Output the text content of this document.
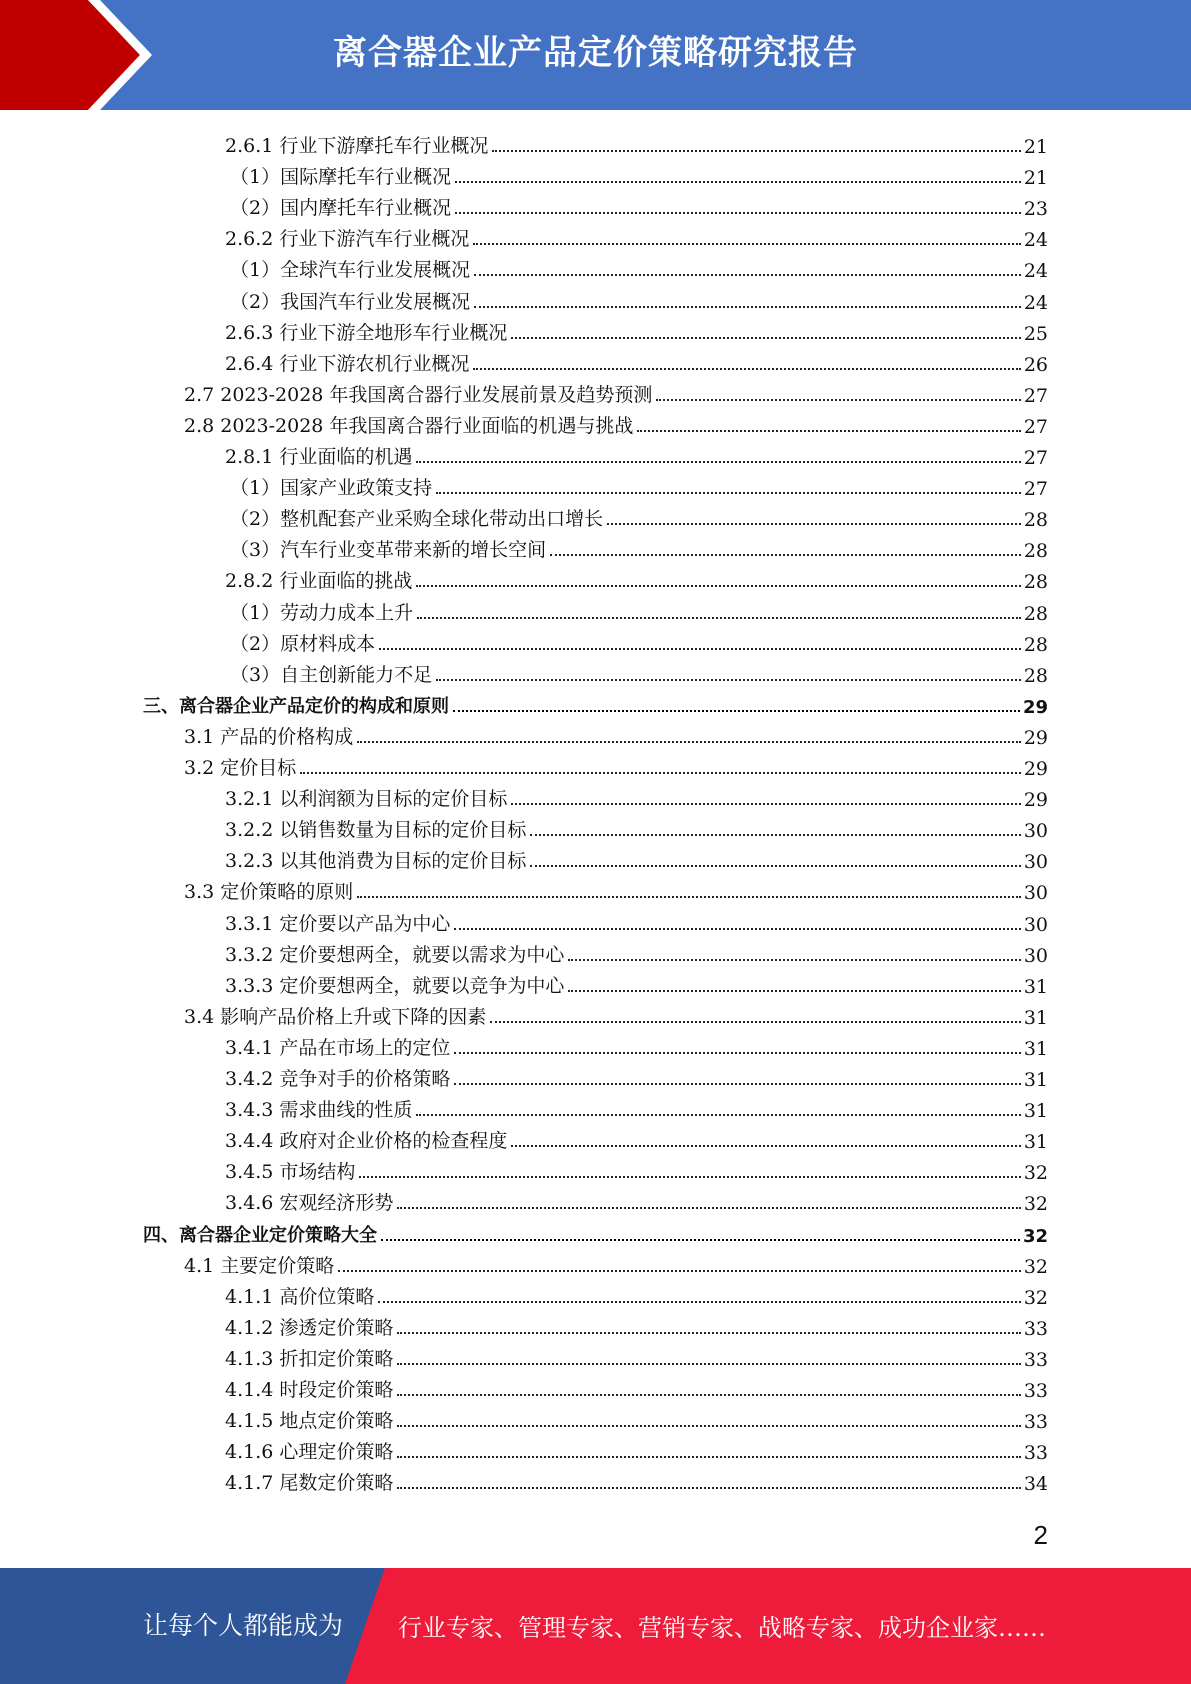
离合器企业产品定价策略研究报告
2.6.1 行业下游摩托车行业概况	21
（1）国际摩托车行业概况	21
（2）国内摩托车行业概况	23
2.6.2 行业下游汽车行业概况	24
（1）全球汽车行业发展概况	24
（2）我国汽车行业发展概况	24
2.6.3 行业下游全地形车行业概况	25
2.6.4 行业下游农机行业概况	26
2.7 2023-2028 年我国离合器行业发展前景及趋势预测	27
2.8 2023-2028 年我国离合器行业面临的机遇与挑战	27
2.8.1 行业面临的机遇	27
（1）国家产业政策支持	27
（2）整机配套产业采购全球化带动出口增长	28
（3）汽车行业变革带来新的增长空间	28
2.8.2 行业面临的挑战	28
（1）劳动力成本上升	28
（2）原材料成本	28
（3）自主创新能力不足	28
三、离合器企业产品定价的构成和原则	29
3.1 产品的价格构成	29
3.2 定价目标	29
3.2.1 以利润额为目标的定价目标	29
3.2.2 以销售数量为目标的定价目标	30
3.2.3 以其他消费为目标的定价目标	30
3.3 定价策略的原则	30
3.3.1 定价要以产品为中心	30
3.3.2 定价要想两全，就要以需求为中心	30
3.3.3 定价要想两全，就要以竞争为中心	31
3.4 影响产品价格上升或下降的因素	31
3.4.1 产品在市场上的定位	31
3.4.2 竞争对手的价格策略	31
3.4.3 需求曲线的性质	31
3.4.4 政府对企业价格的检查程度	31
3.4.5 市场结构	32
3.4.6 宏观经济形势	32
四、离合器企业定价策略大全	32
4.1 主要定价策略	32
4.1.1 高价位策略	32
4.1.2 渗透定价策略	33
4.1.3 折扣定价策略	33
4.1.4 时段定价策略	33
4.1.5 地点定价策略	33
4.1.6 心理定价策略	33
4.1.7 尾数定价策略	34
2
让每个人都能成为 行业专家、管理专家、营销专家、战略专家、成功企业家……
